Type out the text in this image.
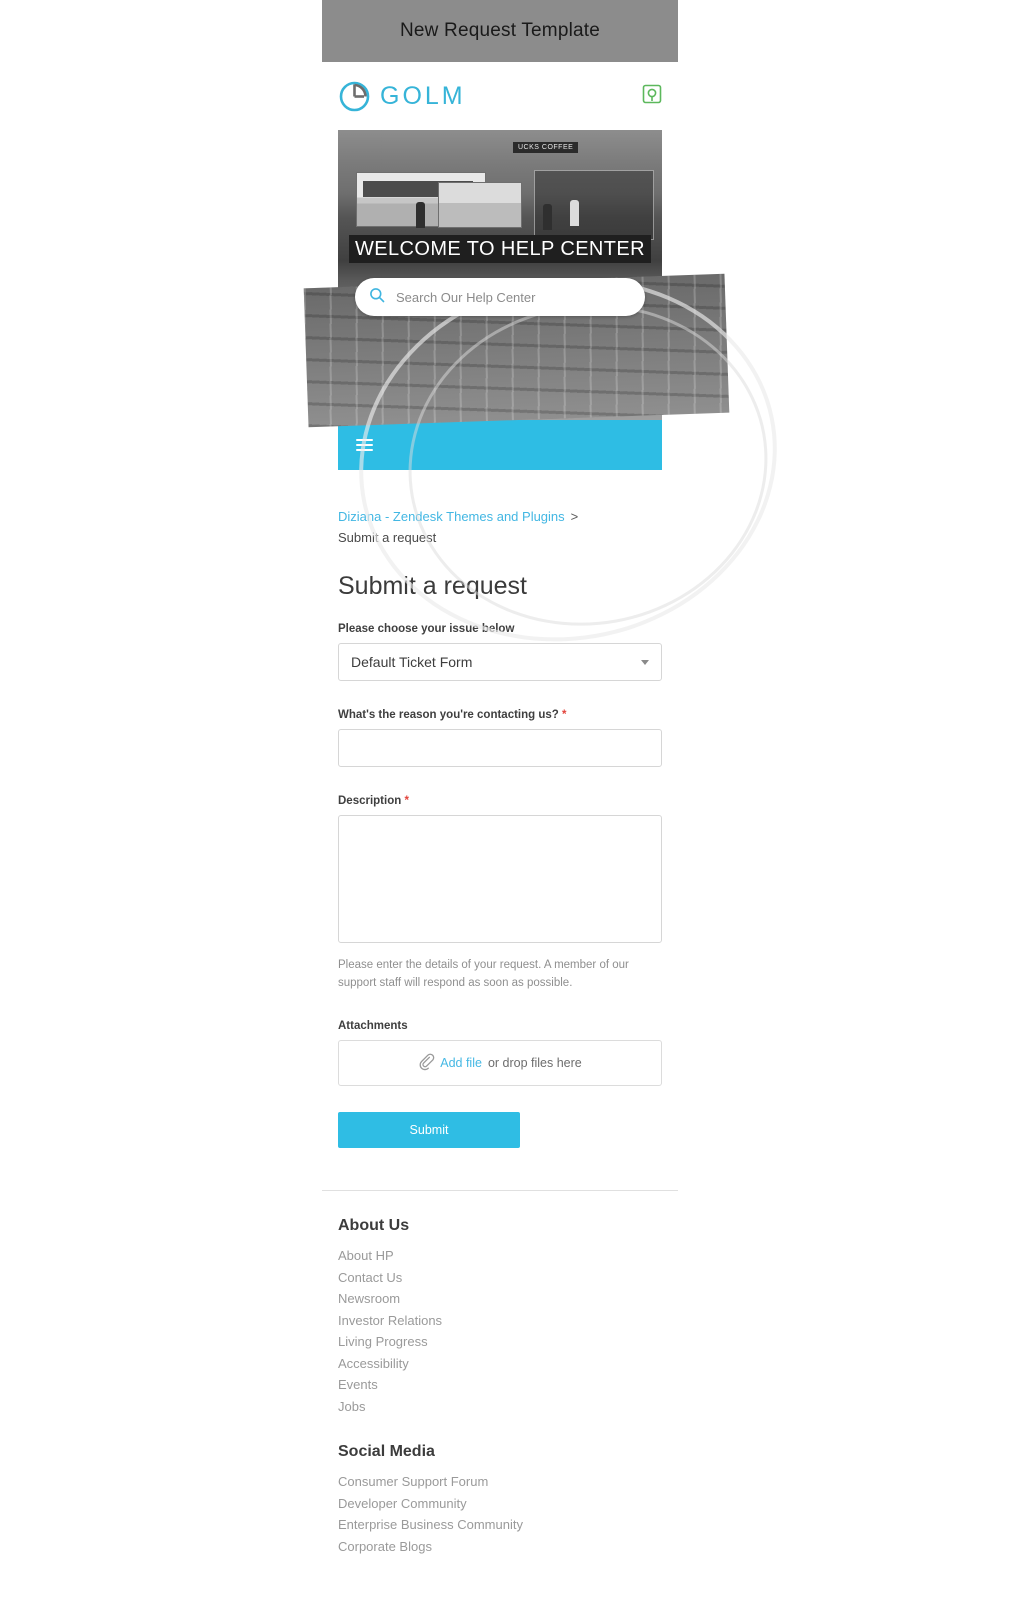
New Request Template
GOLM
UCKS COFFEE
WELCOME TO HELP CENTER
Search Our Help Center
Diziana - Zendesk Themes and Plugins >
Submit a request
Submit a request
Please choose your issue below
Default Ticket Form
What's the reason you're contacting us? *
Description *
Please enter the details of your request. A member of our support staff will respond as soon as possible.
Attachments
Add file or drop files here
Submit
About Us
About HP
Contact Us
Newsroom
Investor Relations
Living Progress
Accessibility
Events
Jobs
Social Media
Consumer Support Forum
Developer Community
Enterprise Business Community
Corporate Blogs
